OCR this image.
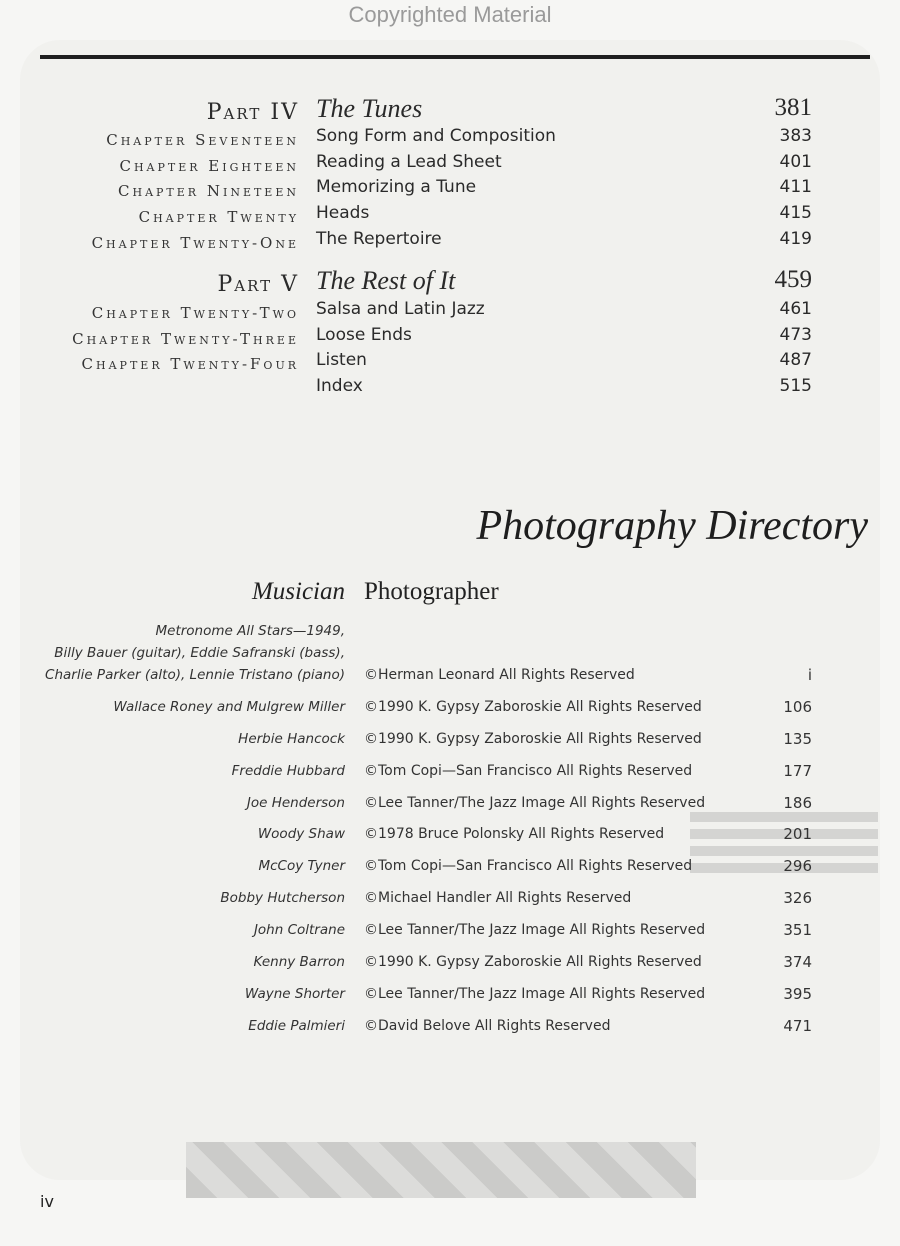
Copyrighted Material
Part IV The Tunes	381
Chapter Seventeen Song Form and Composition	383
Chapter Eighteen Reading a Lead Sheet	401
Chapter Nineteen Memorizing a Tune	411
Chapter Twenty Heads	415
Chapter Twenty-One The Repertoire	419
Part V The Rest of It	459
Chapter Twenty-Two Salsa and Latin Jazz	461
Chapter Twenty-Three Loose Ends	473
Chapter Twenty-Four Listen	487
Index	515
Photography Directory
Musician Photographer
Metronome All Stars—1949,
Billy Bauer (guitar), Eddie Safranski (bass),
Charlie Parker (alto), Lennie Tristano (piano) ©Herman Leonard All Rights Reserved	i
Wallace Roney and Mulgrew Miller ©1990 K. Gypsy Zaboroskie All Rights Reserved	106
Herbie Hancock ©1990 K. Gypsy Zaboroskie All Rights Reserved	135
Freddie Hubbard ©Tom Copi—San Francisco All Rights Reserved	177
Joe Henderson ©Lee Tanner/The Jazz Image All Rights Reserved	186
Woody Shaw ©1978 Bruce Polonsky All Rights Reserved	201
McCoy Tyner ©Tom Copi—San Francisco All Rights Reserved	296
Bobby Hutcherson ©Michael Handler All Rights Reserved	326
John Coltrane ©Lee Tanner/The Jazz Image All Rights Reserved	351
Kenny Barron ©1990 K. Gypsy Zaboroskie All Rights Reserved	374
Wayne Shorter ©Lee Tanner/The Jazz Image All Rights Reserved	395
Eddie Palmieri ©David Belove All Rights Reserved	471
iv
